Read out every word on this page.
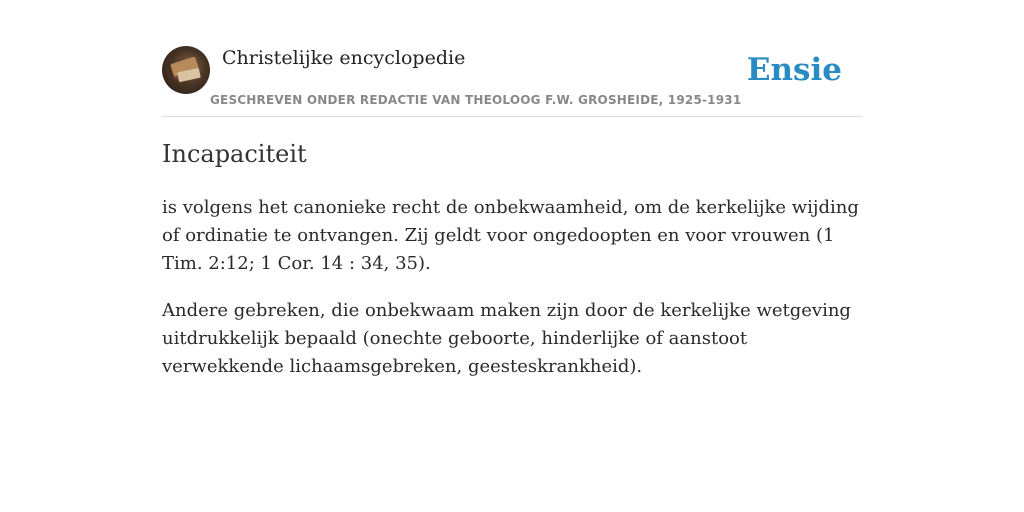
Christelijke encyclopedie
GESCHREVEN ONDER REDACTIE VAN THEOLOOG F.W. GROSHEIDE, 1925-1931
Ensie
Incapaciteit

is volgens het canonieke recht de onbekwaamheid, om de kerkelijke wijding of ordinatie te ontvangen. Zij geldt voor ongedoopten en voor vrouwen (1 Tim. 2:12; 1 Cor. 14 : 34, 35).

Andere gebreken, die onbekwaam maken zijn door de kerkelijke wetgeving uitdrukkelijk bepaald (onechte geboorte, hinderlijke of aanstoot verwekkende lichaamsgebreken, geesteskrankheid).
